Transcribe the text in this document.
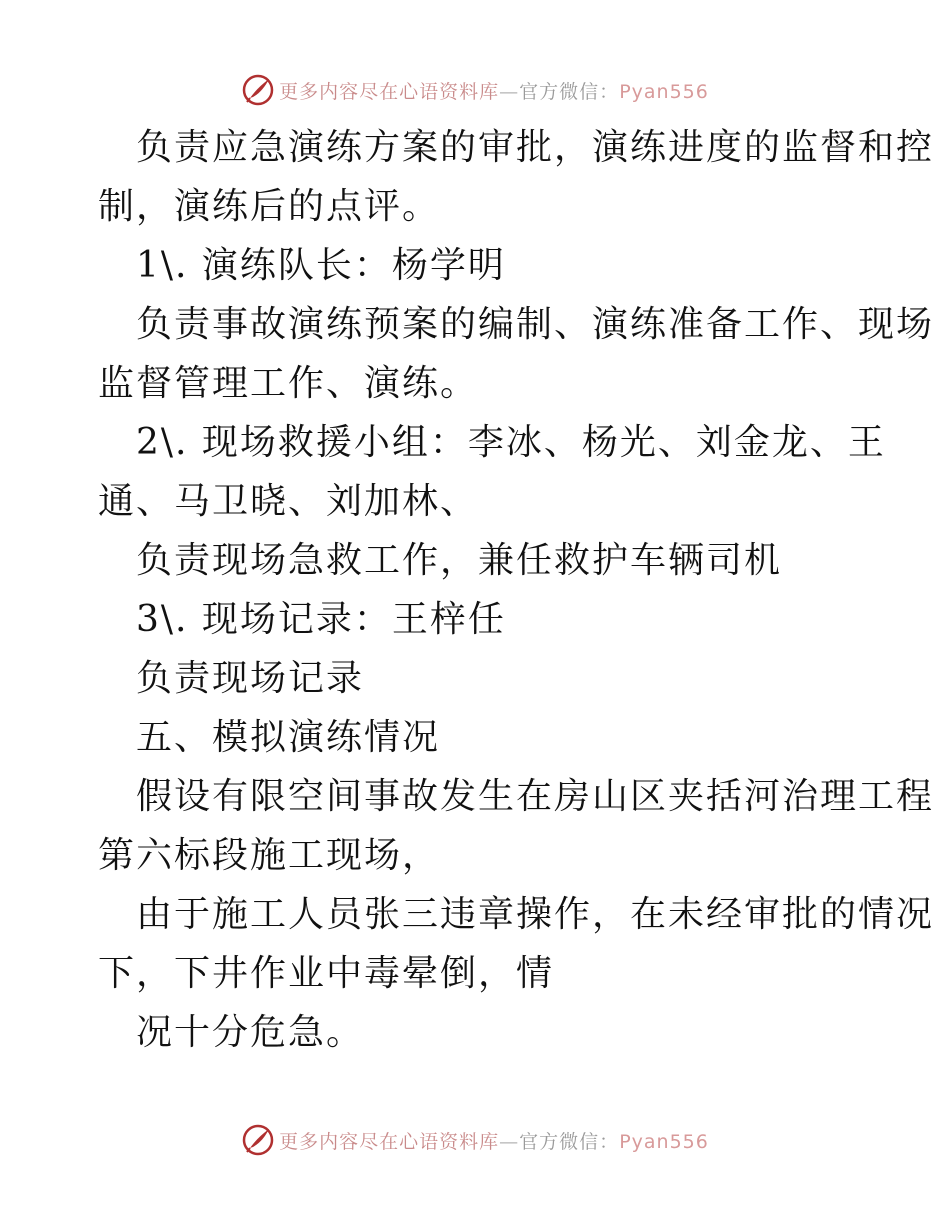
更多内容尽在心语资料库—官方微信：Pyan556
负责应急演练方案的审批，演练进度的监督和控
制，演练后的点评。
1\. 演练队长：杨学明
负责事故演练预案的编制、演练准备工作、现场
监督管理工作、演练。
2\. 现场救援小组：李冰、杨光、刘金龙、王
通、马卫晓、刘加林、
负责现场急救工作，兼任救护车辆司机
3\. 现场记录：王梓任
负责现场记录
五、模拟演练情况
假设有限空间事故发生在房山区夹括河治理工程
第六标段施工现场，
由于施工人员张三违章操作，在未经审批的情况
下，下井作业中毒晕倒，情
况十分危急。
更多内容尽在心语资料库—官方微信：Pyan556
